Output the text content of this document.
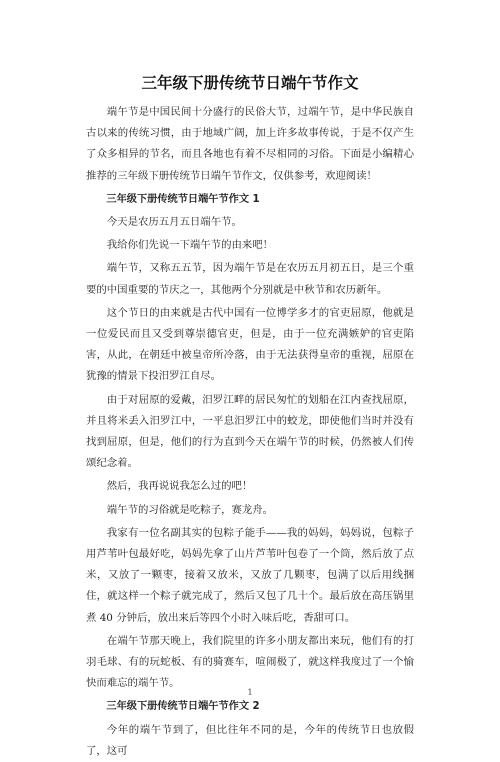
三年级下册传统节日端午节作文

端午节是中国民间十分盛行的民俗大节，过端午节，是中华民族自古以来的传统习惯，由于地域广阔，加上许多故事传说，于是不仅产生了众多相异的节名，而且各地也有着不尽相同的习俗。下面是小编精心推荐的三年级下册传统节日端午节作文，仅供参考，欢迎阅读！

三年级下册传统节日端午节作文 1

今天是农历五月五日端午节。

我给你们先说一下端午节的由来吧！

端午节，又称五五节，因为端午节是在农历五月初五日，是三个重要的中国重要的节庆之一，其他两个分别就是中秋节和农历新年。

这个节日的由来就是古代中国有一位博学多才的官吏屈原，他就是一位爱民而且又受到尊崇德官吏，但是，由于一位充满嫉妒的官吏陷害，从此，在朝廷中被皇帝所冷落，由于无法获得皇帝的重视，屈原在犹豫的情景下投汨罗江自尽。

由于对屈原的爱戴，汨罗江畔的居民匆忙的划船在江内查找屈原，并且将米丢入汨罗江中，一平息汨罗江中的蛟龙，即使他们当时并没有找到屈原，但是，他们的行为直到今天在端午节的时候，仍然被人们传颂纪念着。

然后，我再说说我怎么过的吧！

端午节的习俗就是吃粽子，赛龙舟。

我家有一位名副其实的包粽子能手——我的妈妈，妈妈说，包粽子用芦苇叶包最好吃，妈妈先拿了山片芦苇叶包卷了一个筒，然后放了点米，又放了一颗枣，接着又放米，又放了几颗枣，包满了以后用线捆住，就这样一个粽子就完成了，然后又包了几十个。最后放在高压锅里煮 40 分钟后，放出来后等四个小时入味后吃，香甜可口。

在端午节那天晚上，我们院里的许多小朋友都出来玩，他们有的打羽毛球、有的玩蛇板、有的骑赛车，喧闹极了，就这样我度过了一个愉快而难忘的端午节。

三年级下册传统节日端午节作文 2

今年的端午节到了，但比往年不同的是，今年的传统节日也放假了，这可

1
